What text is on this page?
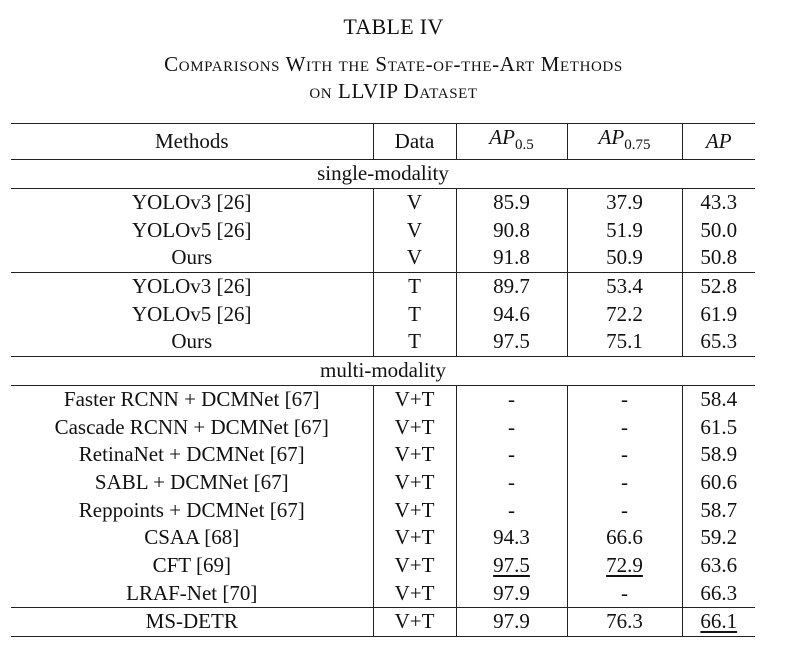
TABLE IV
Comparisons With the State-of-the-Art Methods
on LLVIP Dataset
Methods	Data	$AP_{0.5}$	$AP_{0.75}$	AP
single-modality				
YOLOv3 [26]	V	85.9	37.9	43.3
YOLOv5 [26]	V	90.8	51.9	50.0
Ours	V	91.8	50.9	50.8
YOLOv3 [26]	T	89.7	53.4	52.8
YOLOv5 [26]	T	94.6	72.2	61.9
Ours	T	97.5	75.1	65.3
multi-modality				
Faster RCNN + DCMNet [67]	V+T	-	-	58.4
Cascade RCNN + DCMNet [67]	V+T	-	-	61.5
RetinaNet + DCMNet [67]	V+T	-	-	58.9
SABL + DCMNet [67]	V+T	-	-	60.6
Reppoints + DCMNet [67]	V+T	-	-	58.7
CSAA [68]	V+T	94.3	66.6	59.2
CFT [69]	V+T	97.5	72.9	63.6
LRAF-Net [70]	V+T	97.9	-	66.3
MS-DETR	V+T	97.9	76.3	66.1
